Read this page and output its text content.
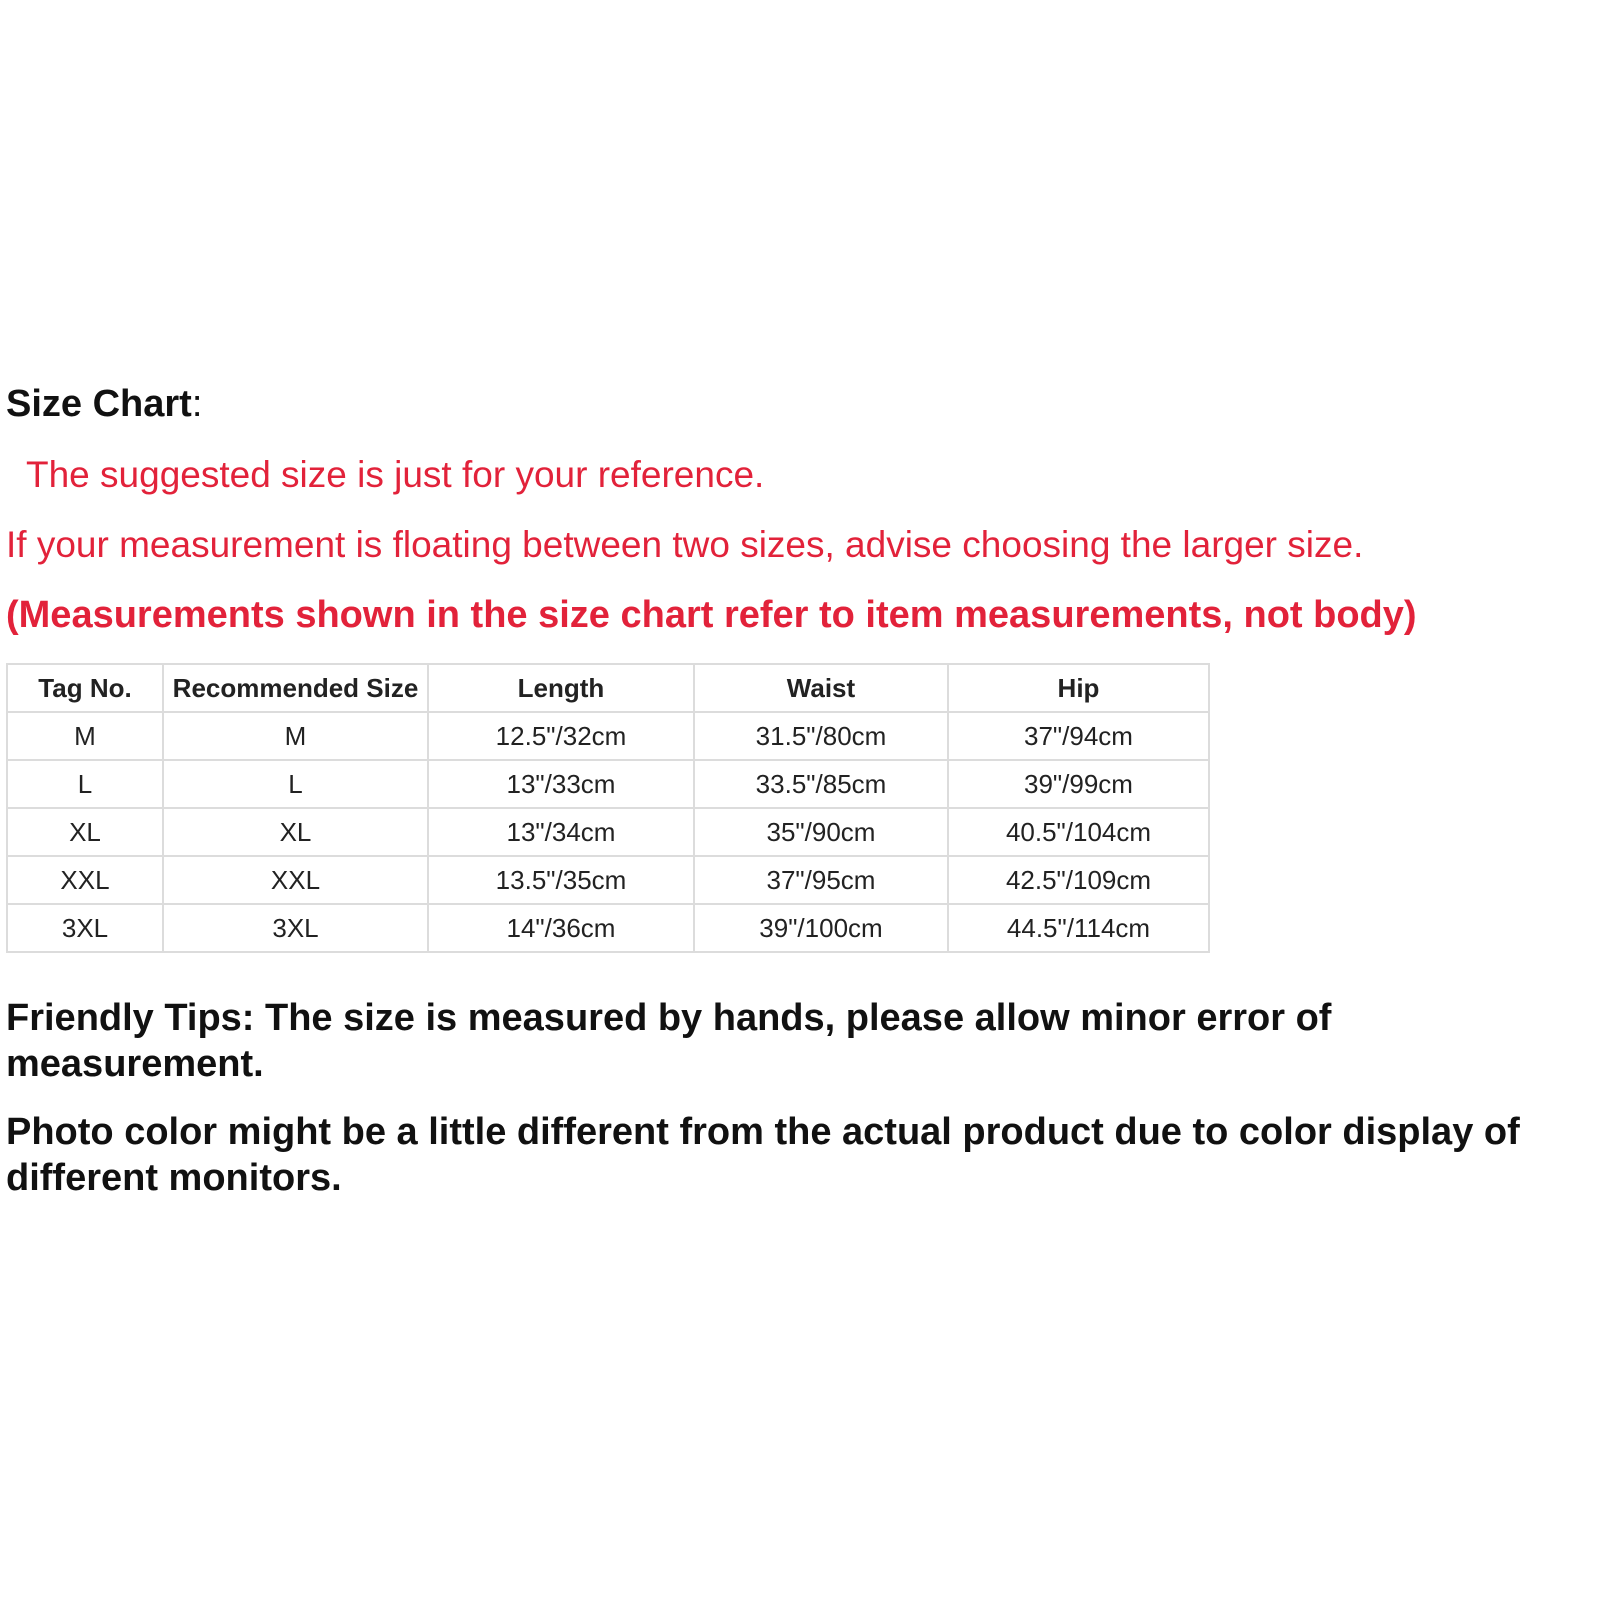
Size Chart:

The suggested size is just for your reference.

If your measurement is floating between two sizes, advise choosing the larger size.

(Measurements shown in the size chart refer to item measurements, not body)

Tag No.	Recommended Size	Length	Waist	Hip
M	M	12.5"/32cm	31.5"/80cm	37"/94cm
L	L	13"/33cm	33.5"/85cm	39"/99cm
XL	XL	13"/34cm	35"/90cm	40.5"/104cm
XXL	XXL	13.5"/35cm	37"/95cm	42.5"/109cm
3XL	3XL	14"/36cm	39"/100cm	44.5"/114cm

Friendly Tips: The size is measured by hands, please allow minor error of measurement.

Photo color might be a little different from the actual product due to color display of different monitors.
